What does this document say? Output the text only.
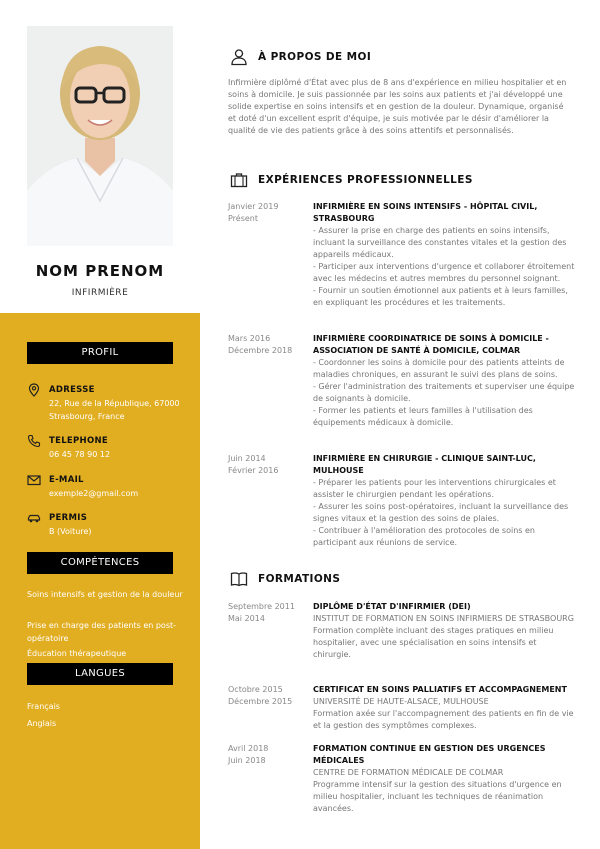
NOM PRENOM
INFIRMIÈRE
PROFIL
ADRESSE
22, Rue de la République, 67000 Strasbourg, France
TELEPHONE
06 45 78 90 12
E-MAIL
exemple2@gmail.com
PERMIS
B (Voiture)
COMPÉTENCES
Soins intensifs et gestion de la douleur
Prise en charge des patients en post-opératoire
Éducation thérapeutique
LANGUES
Français
Anglais
À PROPOS DE MOI
Infirmière diplômé d'État avec plus de 8 ans d'expérience en milieu hospitalier et en soins à domicile. Je suis passionnée par les soins aux patients et j'ai développé une solide expertise en soins intensifs et en gestion de la douleur. Dynamique, organisé et doté d'un excellent esprit d'équipe, je suis motivée par le désir d'améliorer la qualité de vie des patients grâce à des soins attentifs et personnalisés.
EXPÉRIENCES PROFESSIONNELLES
Janvier 2019
Présent
INFIRMIÈRE EN SOINS INTENSIFS - HÔPITAL CIVIL, STRASBOURG
- Assurer la prise en charge des patients en soins intensifs, incluant la surveillance des constantes vitales et la gestion des appareils médicaux.
- Participer aux interventions d'urgence et collaborer étroitement avec les médecins et autres membres du personnel soignant.
- Fournir un soutien émotionnel aux patients et à leurs familles, en expliquant les procédures et les traitements.
Mars 2016
Décembre 2018
INFIRMIÈRE COORDINATRICE DE SOINS À DOMICILE - ASSOCIATION DE SANTÉ À DOMICILE, COLMAR
- Coordonner les soins à domicile pour des patients atteints de maladies chroniques, en assurant le suivi des plans de soins.
- Gérer l'administration des traitements et superviser une équipe de soignants à domicile.
- Former les patients et leurs familles à l'utilisation des équipements médicaux à domicile.
Juin 2014
Février 2016
INFIRMIÈRE EN CHIRURGIE - CLINIQUE SAINT-LUC, MULHOUSE
- Préparer les patients pour les interventions chirurgicales et assister le chirurgien pendant les opérations.
- Assurer les soins post-opératoires, incluant la surveillance des signes vitaux et la gestion des soins de plaies.
- Contribuer à l'amélioration des protocoles de soins en participant aux réunions de service.
FORMATIONS
Septembre 2011
Mai 2014
DIPLÔME D'ÉTAT D'INFIRMIER (DEI)
INSTITUT DE FORMATION EN SOINS INFIRMIERS DE STRASBOURG
Formation complète incluant des stages pratiques en milieu hospitalier, avec une spécialisation en soins intensifs et chirurgie.
Octobre 2015
Décembre 2015
CERTIFICAT EN SOINS PALLIATIFS ET ACCOMPAGNEMENT
UNIVERSITÉ DE HAUTE-ALSACE, MULHOUSE
Formation axée sur l'accompagnement des patients en fin de vie et la gestion des symptômes complexes.
Avril 2018
Juin 2018
FORMATION CONTINUE EN GESTION DES URGENCES MÉDICALES
CENTRE DE FORMATION MÉDICALE DE COLMAR
Programme intensif sur la gestion des situations d'urgence en milieu hospitalier, incluant les techniques de réanimation avancées.
